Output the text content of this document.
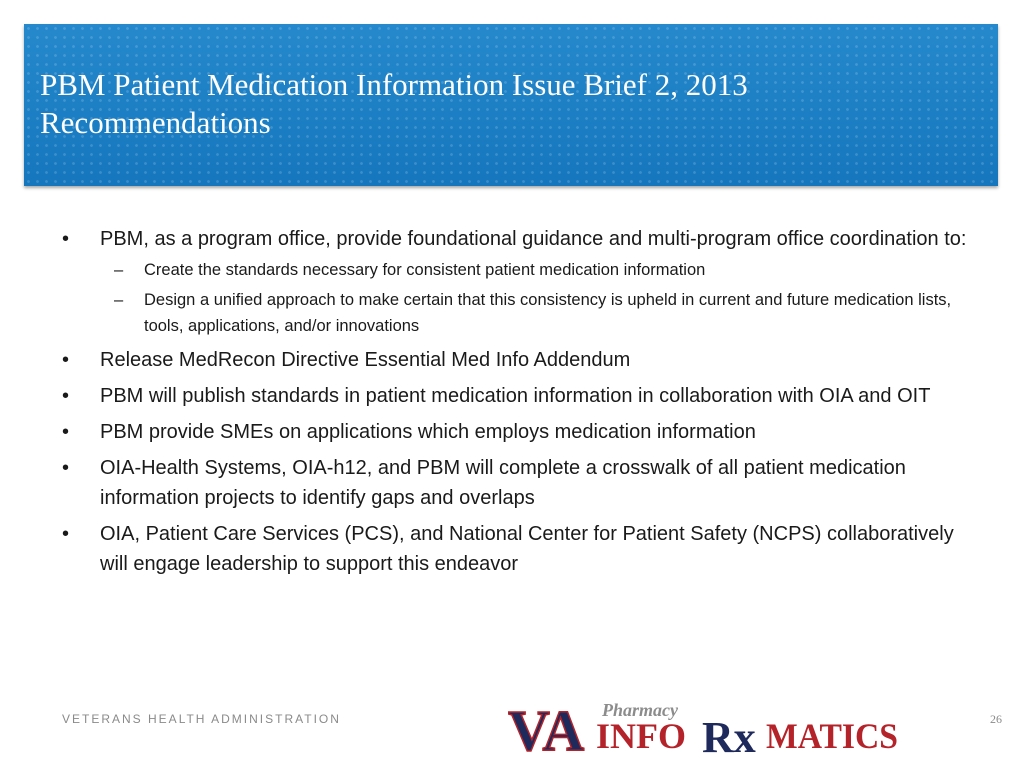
PBM Patient Medication Information Issue Brief 2, 2013
Recommendations
• PBM, as a program office, provide foundational guidance and multi-program office coordination to:
– Create the standards necessary for consistent patient medication information
– Design a unified approach to make certain that this consistency is upheld in current and future medication lists, tools, applications, and/or innovations
• Release MedRecon Directive Essential Med Info Addendum
• PBM will publish standards in patient medication information in collaboration with OIA and OIT
• PBM provide SMEs on applications which employs medication information
• OIA-Health Systems, OIA-h12, and PBM will complete a crosswalk of all patient medication information projects to identify gaps and overlaps
• OIA, Patient Care Services (PCS), and National Center for Patient Safety (NCPS) collaboratively will engage leadership to support this endeavor
VETERANS HEALTH ADMINISTRATION	VA Pharmacy
INFO Rx MATICS	26
